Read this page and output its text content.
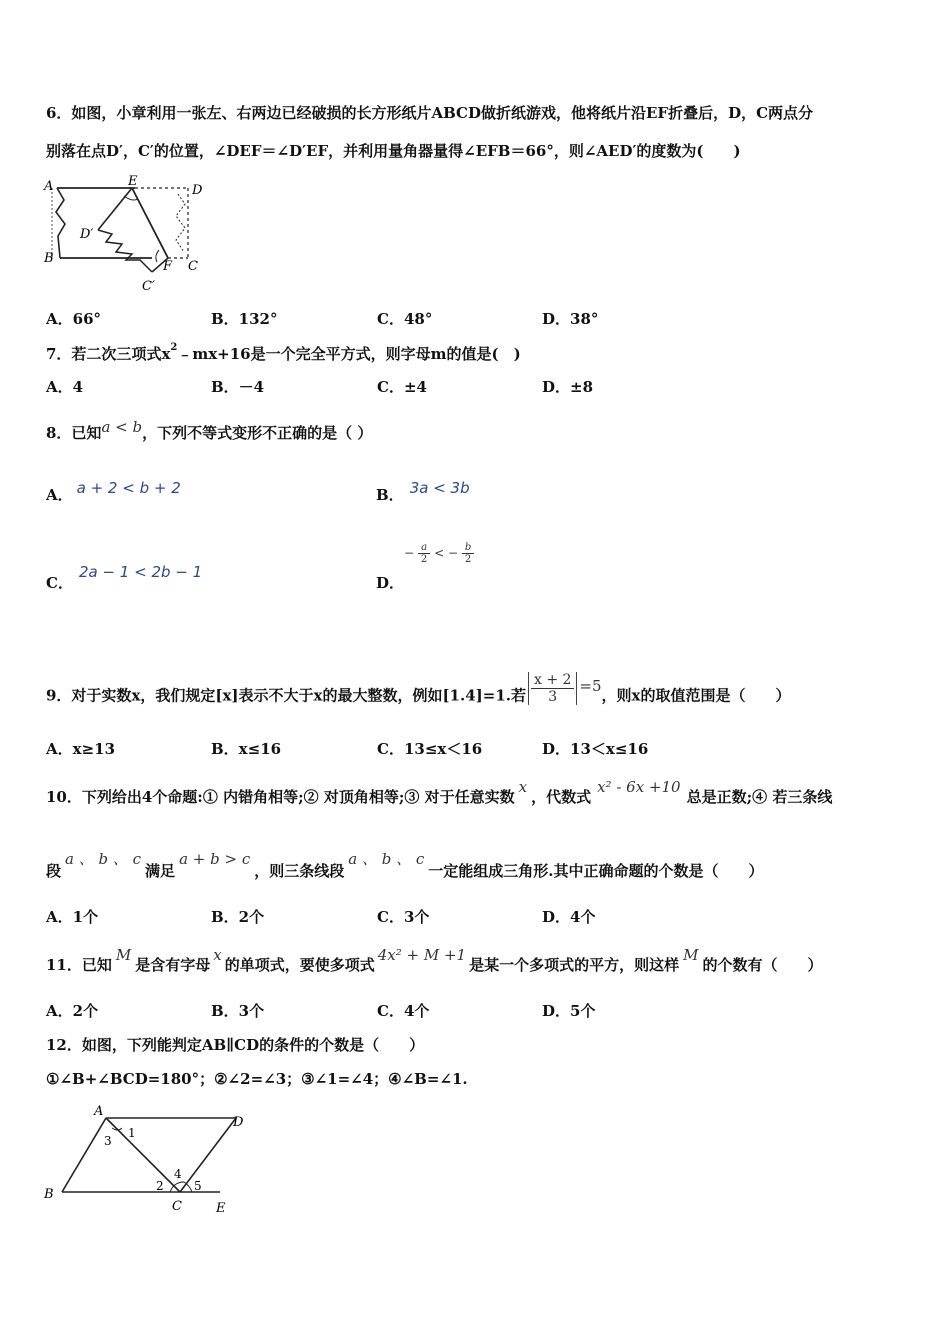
6．如图，小章利用一张左、右两边已经破损的长方形纸片ABCD做折纸游戏，他将纸片沿EF折叠后，D，C两点分
别落在点D′，C′的位置，∠DEF＝∠D′EF，并利用量角器量得∠EFB＝66°，则∠AED′的度数为(　　)
A	E
D
D′
B
F C
C′
A．66°	B．132°	C．48°	D．38°
7．若二次三项式$x^2﹣mx+16$是一个完全平方式，则字母m的值是(　)
A．4	B．－4	C．±4	D．±8
8．已知a < b，下列不等式变形不正确的是（ ）
A． a + 2 < b + 2	B． 3a < 3b
C．2a − 1 < 2b − 1
D．
− $\frac{a}{2}$ < − $\frac{b}{2}$
9．对于实数x，我们规定[x]表示不大于x的最大整数，例如[1.4]=1.若 $\frac{x + 2}{3} =5$，则x的取值范围是（　　）
A．x≥13	B．x≤16	C．13≤x＜16	D．13＜x≤16
10．下列给出4个命题:① 内错角相等;② 对顶角相等;③ 对于任意实数x，代数式x² - 6x +10总是正数;④ 若三条线
段a 、 b 、 c满足a + b > c，则三条线段a 、 b 、 c一定能组成三角形.其中正确命题的个数是（　　）
A．1个	B．2个	C．3个	D．4个
11．已知M是含有字母x的单项式，要使多项式4x² + M +1是某一个多项式的平方，则这样M的个数有（　　）
A．2个	B．3个	C．4个	D．5个
12．如图，下列能判定AB∥CD的条件的个数是（　　）
①∠B+∠BCD=180°；②∠2=∠3；③∠1=∠4；④∠B=∠1.
A
D
1
3
4
2	5
B
C	E
